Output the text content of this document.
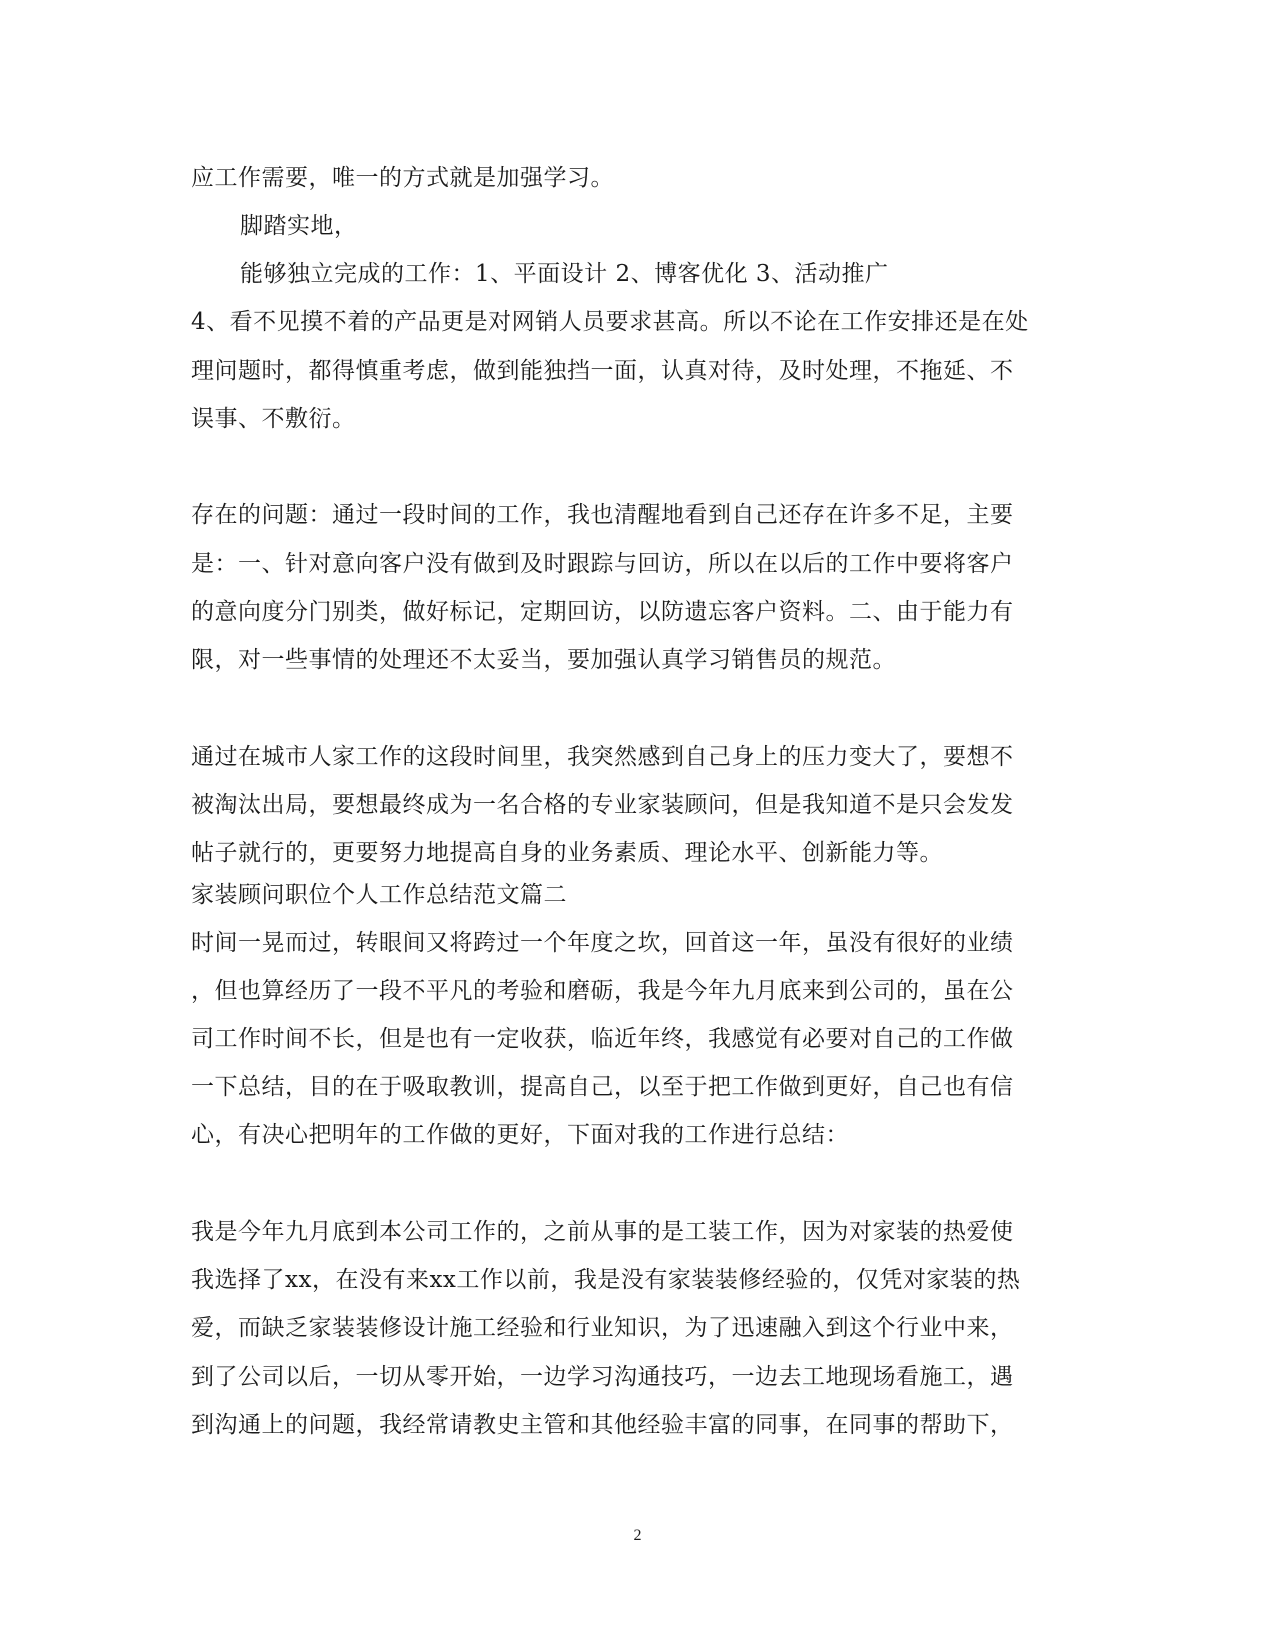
应工作需要，唯一的方式就是加强学习。
脚踏实地，
能够独立完成的工作：1、平面设计 2、博客优化 3、活动推广
4、看不见摸不着的产品更是对网销人员要求甚高。所以不论在工作安排还是在处
理问题时，都得慎重考虑，做到能独挡一面，认真对待，及时处理，不拖延、不
误事、不敷衍。
存在的问题：通过一段时间的工作，我也清醒地看到自己还存在许多不足，主要
是：一、针对意向客户没有做到及时跟踪与回访，所以在以后的工作中要将客户
的意向度分门别类，做好标记，定期回访，以防遗忘客户资料。二、由于能力有
限，对一些事情的处理还不太妥当，要加强认真学习销售员的规范。
通过在城市人家工作的这段时间里，我突然感到自己身上的压力变大了，要想不
被淘汰出局，要想最终成为一名合格的专业家装顾问，但是我知道不是只会发发
帖子就行的，更要努力地提高自身的业务素质、理论水平、创新能力等。
家装顾问职位个人工作总结范文篇二
时间一晃而过，转眼间又将跨过一个年度之坎，回首这一年，虽没有很好的业绩
，但也算经历了一段不平凡的考验和磨砺，我是今年九月底来到公司的，虽在公
司工作时间不长，但是也有一定收获，临近年终，我感觉有必要对自己的工作做
一下总结，目的在于吸取教训，提高自己，以至于把工作做到更好，自己也有信
心，有决心把明年的工作做的更好，下面对我的工作进行总结：
我是今年九月底到本公司工作的，之前从事的是工装工作，因为对家装的热爱使
我选择了xx，在没有来xx工作以前，我是没有家装装修经验的，仅凭对家装的热
爱，而缺乏家装装修设计施工经验和行业知识，为了迅速融入到这个行业中来，
到了公司以后，一切从零开始，一边学习沟通技巧，一边去工地现场看施工，遇
到沟通上的问题，我经常请教史主管和其他经验丰富的同事，在同事的帮助下，
2
